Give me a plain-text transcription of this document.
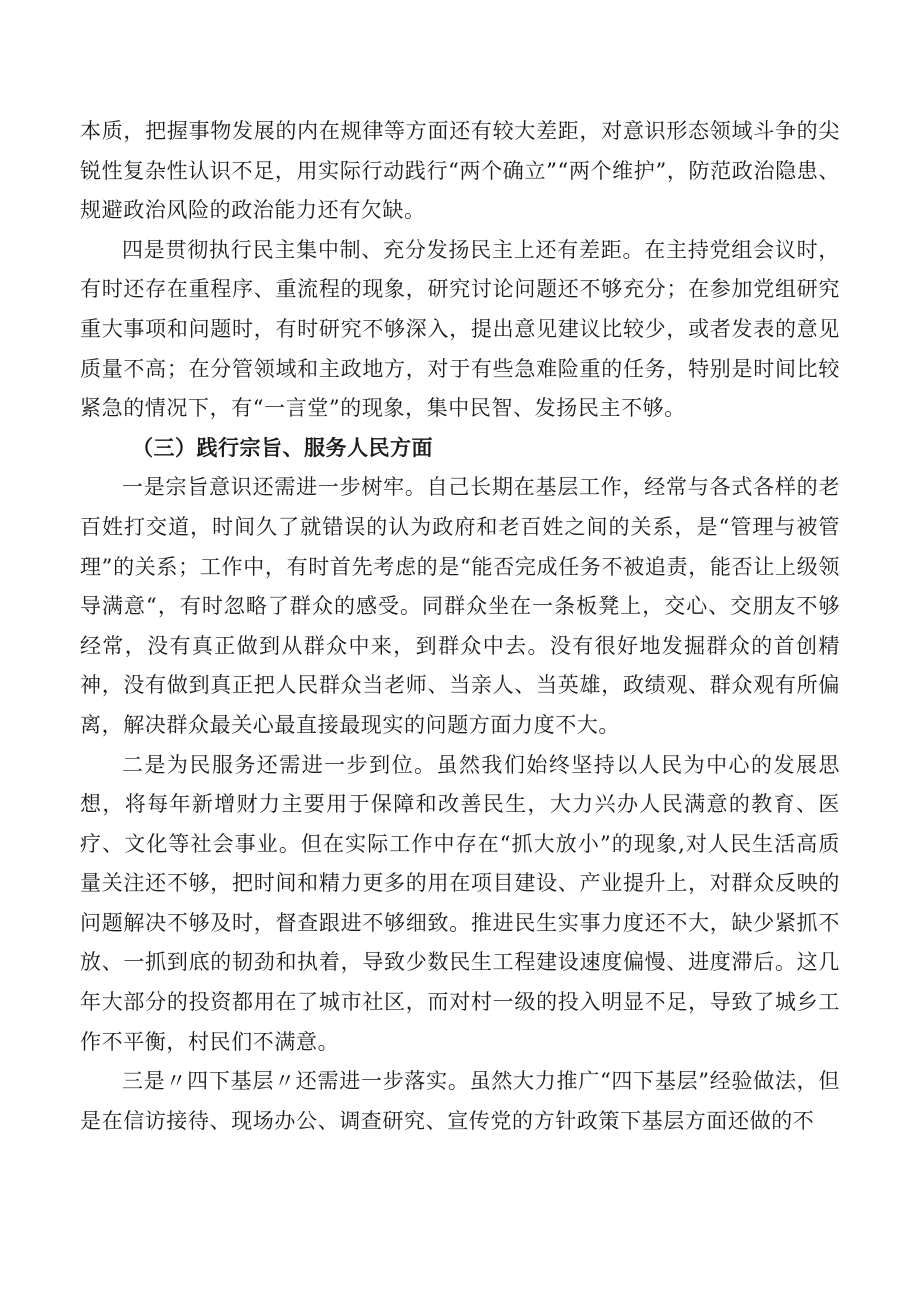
本质，把握事物发展的内在规律等方面还有较大差距，对意识形态领域斗争的尖锐性复杂性认识不足，用实际行动践行“两个确立”“两个维护”，防范政治隐患、规避政治风险的政治能力还有欠缺。

四是贯彻执行民主集中制、充分发扬民主上还有差距。在主持党组会议时，有时还存在重程序、重流程的现象，研究讨论问题还不够充分；在参加党组研究重大事项和问题时，有时研究不够深入，提出意见建议比较少，或者发表的意见质量不高；在分管领域和主政地方，对于有些急难险重的任务，特别是时间比较紧急的情况下，有“一言堂”的现象，集中民智、发扬民主不够。

（三）践行宗旨、服务人民方面

一是宗旨意识还需进一步树牢。自己长期在基层工作，经常与各式各样的老百姓打交道，时间久了就错误的认为政府和老百姓之间的关系，是“管理与被管理”的关系；工作中，有时首先考虑的是“能否完成任务不被追责，能否让上级领导满意“，有时忽略了群众的感受。同群众坐在一条板凳上，交心、交朋友不够经常，没有真正做到从群众中来，到群众中去。没有很好地发掘群众的首创精神，没有做到真正把人民群众当老师、当亲人、当英雄，政绩观、群众观有所偏离，解决群众最关心最直接最现实的问题方面力度不大。

二是为民服务还需进一步到位。虽然我们始终坚持以人民为中心的发展思想，将每年新增财力主要用于保障和改善民生，大力兴办人民满意的教育、医疗、文化等社会事业。但在实际工作中存在“抓大放小”的现象,对人民生活高质量关注还不够，把时间和精力更多的用在项目建设、产业提升上，对群众反映的问题解决不够及时，督查跟进不够细致。推进民生实事力度还不大，缺少紧抓不放、一抓到底的韧劲和执着，导致少数民生工程建设速度偏慢、进度滞后。这几年大部分的投资都用在了城市社区，而对村一级的投入明显不足，导致了城乡工作不平衡，村民们不满意。

三是〃四下基层〃还需进一步落实。虽然大力推广“四下基层”经验做法，但是在信访接待、现场办公、调查研究、宣传党的方针政策下基层方面还做的不
